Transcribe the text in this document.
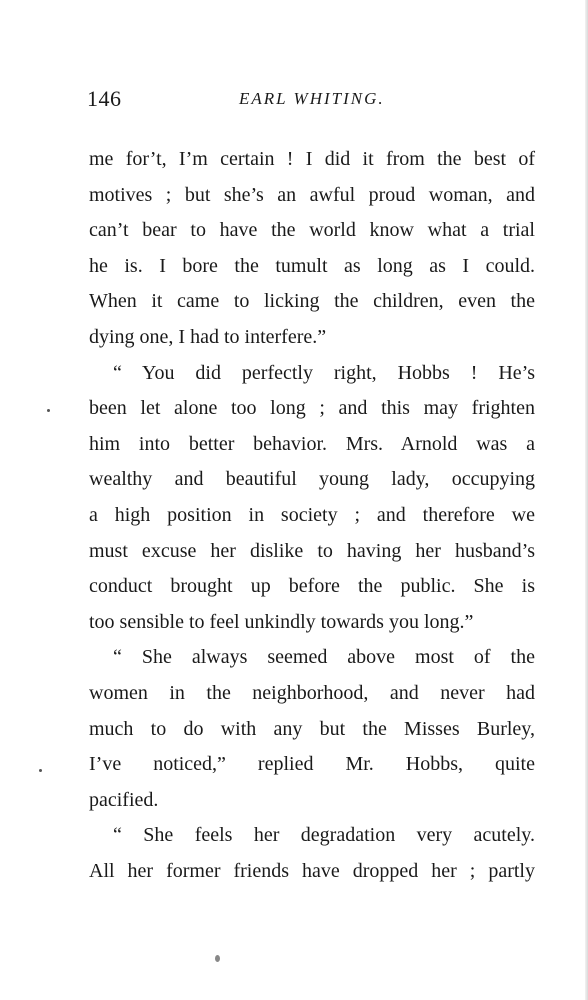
146	EARL WHITING.
me for’t, I’m certain ! I did it from the best of
motives ; but she’s an awful proud woman, and
can’t bear to have the world know what a trial
he is. I bore the tumult as long as I could.
When it came to licking the children, even the
dying one, I had to interfere.”
“ You did perfectly right, Hobbs ! He’s
been let alone too long ; and this may frighten
him into better behavior. Mrs. Arnold was a
wealthy and beautiful young lady, occupying
a high position in society ; and therefore we
must excuse her dislike to having her husband’s
conduct brought up before the public. She is
too sensible to feel unkindly towards you long.”
“ She always seemed above most of the
women in the neighborhood, and never had
much to do with any but the Misses Burley,
I’ve noticed,” replied Mr. Hobbs, quite
pacified.
“ She feels her degradation very acutely.
All her former friends have dropped her ; partly
